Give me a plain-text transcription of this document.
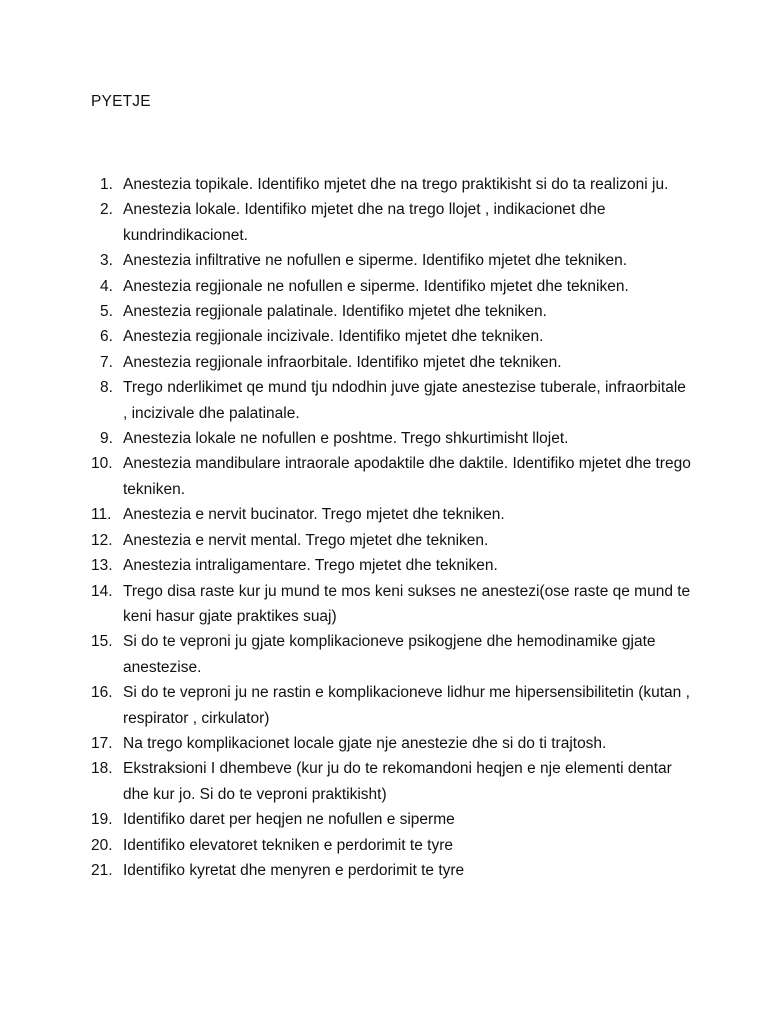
PYETJE
1. Anestezia topikale. Identifiko mjetet dhe na trego praktikisht si do ta realizoni ju.
2. Anestezia lokale. Identifiko mjetet dhe na trego llojet , indikacionet dhe kundrindikacionet.
3. Anestezia infiltrative ne nofullen e siperme. Identifiko mjetet dhe tekniken.
4. Anestezia regjionale ne nofullen e siperme. Identifiko mjetet dhe tekniken.
5. Anestezia regjionale palatinale. Identifiko mjetet dhe tekniken.
6. Anestezia regjionale incizivale. Identifiko mjetet dhe tekniken.
7. Anestezia regjionale infraorbitale. Identifiko mjetet dhe tekniken.
8. Trego nderlikimet qe mund tju ndodhin juve gjate anestezise tuberale, infraorbitale , incizivale dhe palatinale.
9. Anestezia lokale ne nofullen e poshtme. Trego shkurtimisht llojet.
10. Anestezia mandibulare intraorale apodaktile dhe daktile. Identifiko mjetet dhe trego tekniken.
11. Anestezia e nervit bucinator. Trego mjetet dhe tekniken.
12. Anestezia e nervit mental. Trego mjetet dhe tekniken.
13. Anestezia intraligamentare. Trego mjetet dhe tekniken.
14. Trego disa raste kur ju mund te mos keni sukses ne anestezi(ose raste qe mund te keni hasur gjate praktikes suaj)
15. Si do te veproni ju gjate komplikacioneve psikogjene dhe hemodinamike gjate anestezise.
16. Si do te veproni ju ne rastin e komplikacioneve lidhur me hipersensibilitetin (kutan , respirator , cirkulator)
17. Na trego komplikacionet locale gjate nje anestezie dhe si do ti trajtosh.
18. Ekstraksioni I dhembeve (kur ju do te rekomandoni heqjen e nje elementi dentar dhe kur jo. Si do te veproni praktikisht)
19. Identifiko daret per heqjen ne nofullen e siperme
20. Identifiko elevatoret tekniken e perdorimit te tyre
21. Identifiko kyretat dhe menyren e perdorimit te tyre
